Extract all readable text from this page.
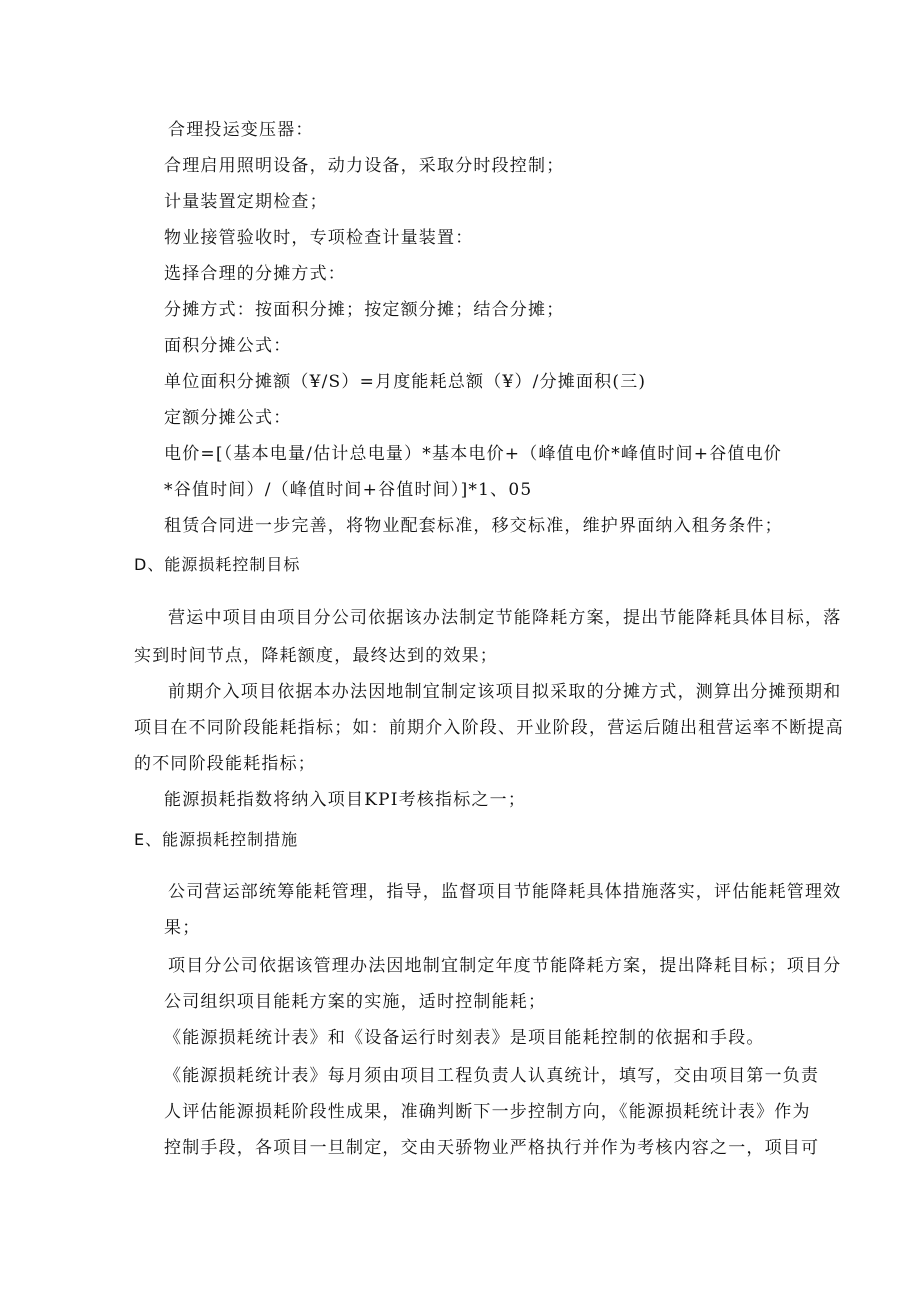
合理投运变压器：
合理启用照明设备，动力设备，采取分时段控制；
计量装置定期检查；
物业接管验收时，专项检查计量装置：
选择合理的分摊方式：
分摊方式：按面积分摊；按定额分摊；结合分摊；
面积分摊公式：
单位面积分摊额（¥/S）=月度能耗总额（¥）/分摊面积(三)
定额分摊公式：
电价=[（基本电量/估计总电量）*基本电价+（峰值电价*峰值时间+谷值电价
*谷值时间）/（峰值时间+谷值时间）]*1、05
租赁合同进一步完善，将物业配套标准，移交标准，维护界面纳入租务条件；
D、能源损耗控制目标
营运中项目由项目分公司依据该办法制定节能降耗方案，提出节能降耗具体目标，落
实到时间节点，降耗额度，最终达到的效果；
前期介入项目依据本办法因地制宜制定该项目拟采取的分摊方式，测算出分摊预期和
项目在不同阶段能耗指标；如：前期介入阶段、开业阶段，营运后随出租营运率不断提高
的不同阶段能耗指标；
能源损耗指数将纳入项目KPI考核指标之一；
E、能源损耗控制措施
公司营运部统筹能耗管理，指导，监督项目节能降耗具体措施落实，评估能耗管理效
果；
项目分公司依据该管理办法因地制宜制定年度节能降耗方案，提出降耗目标；项目分
公司组织项目能耗方案的实施，适时控制能耗；
《能源损耗统计表》和《设备运行时刻表》是项目能耗控制的依据和手段。
《能源损耗统计表》每月须由项目工程负责人认真统计，填写，交由项目第一负责
人评估能源损耗阶段性成果，准确判断下一步控制方向，《能源损耗统计表》作为
控制手段，各项目一旦制定，交由天骄物业严格执行并作为考核内容之一，项目可
